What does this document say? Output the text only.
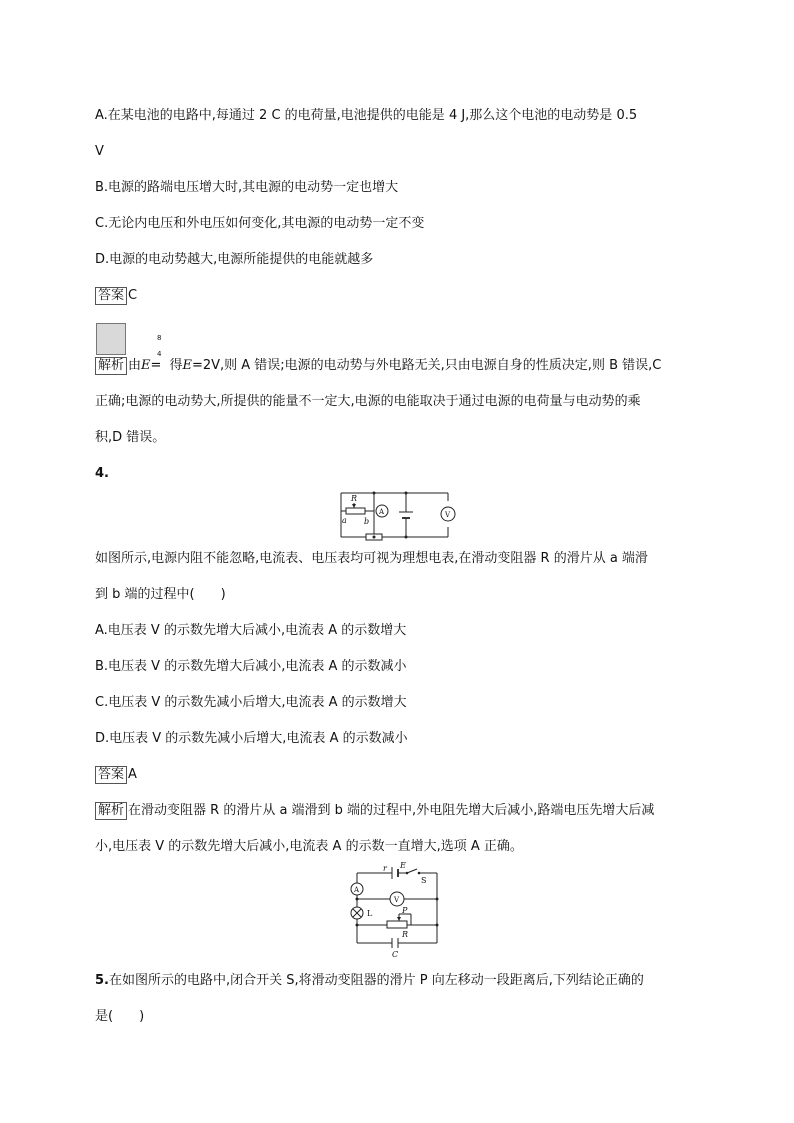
A.在某电池的电路中,每通过 2 C 的电荷量,电池提供的电能是 4 J,那么这个电池的电动势是 0.5
V
B.电源的路端电压增大时,其电源的电动势一定也增大
C.无论内电压和外电压如何变化,其电源的电动势一定不变
D.电源的电动势越大,电源所能提供的电能就越多
答案 C
8
4
解析 由E= 得E=2V,则 A 错误;电源的电动势与外电路无关,只由电源自身的性质决定,则 B 错误,C
正确;电源的电动势大,所提供的能量不一定大,电源的电能取决于通过电源的电荷量与电动势的乘
积,D 错误。
4.
R
a b
A	V
如图所示,电源内阻不能忽略,电流表、电压表均可视为理想电表,在滑动变阻器 R 的滑片从 a 端滑
到 b 端的过程中(　　)
A.电压表 V 的示数先增大后减小,电流表 A 的示数增大
B.电压表 V 的示数先增大后减小,电流表 A 的示数减小
C.电压表 V 的示数先减小后增大,电流表 A 的示数增大
D.电压表 V 的示数先减小后增大,电流表 A 的示数减小
答案 A
解析 在滑动变阻器 R 的滑片从 a 端滑到 b 端的过程中,外电阻先增大后减小,路端电压先增大后减
小,电压表 V 的示数先增大后减小,电流表 A 的示数一直增大,选项 A 正确。
r E
S
A
V
L	P
R
C
5.在如图所示的电路中,闭合开关 S,将滑动变阻器的滑片 P 向左移动一段距离后,下列结论正确的
是(　　)
